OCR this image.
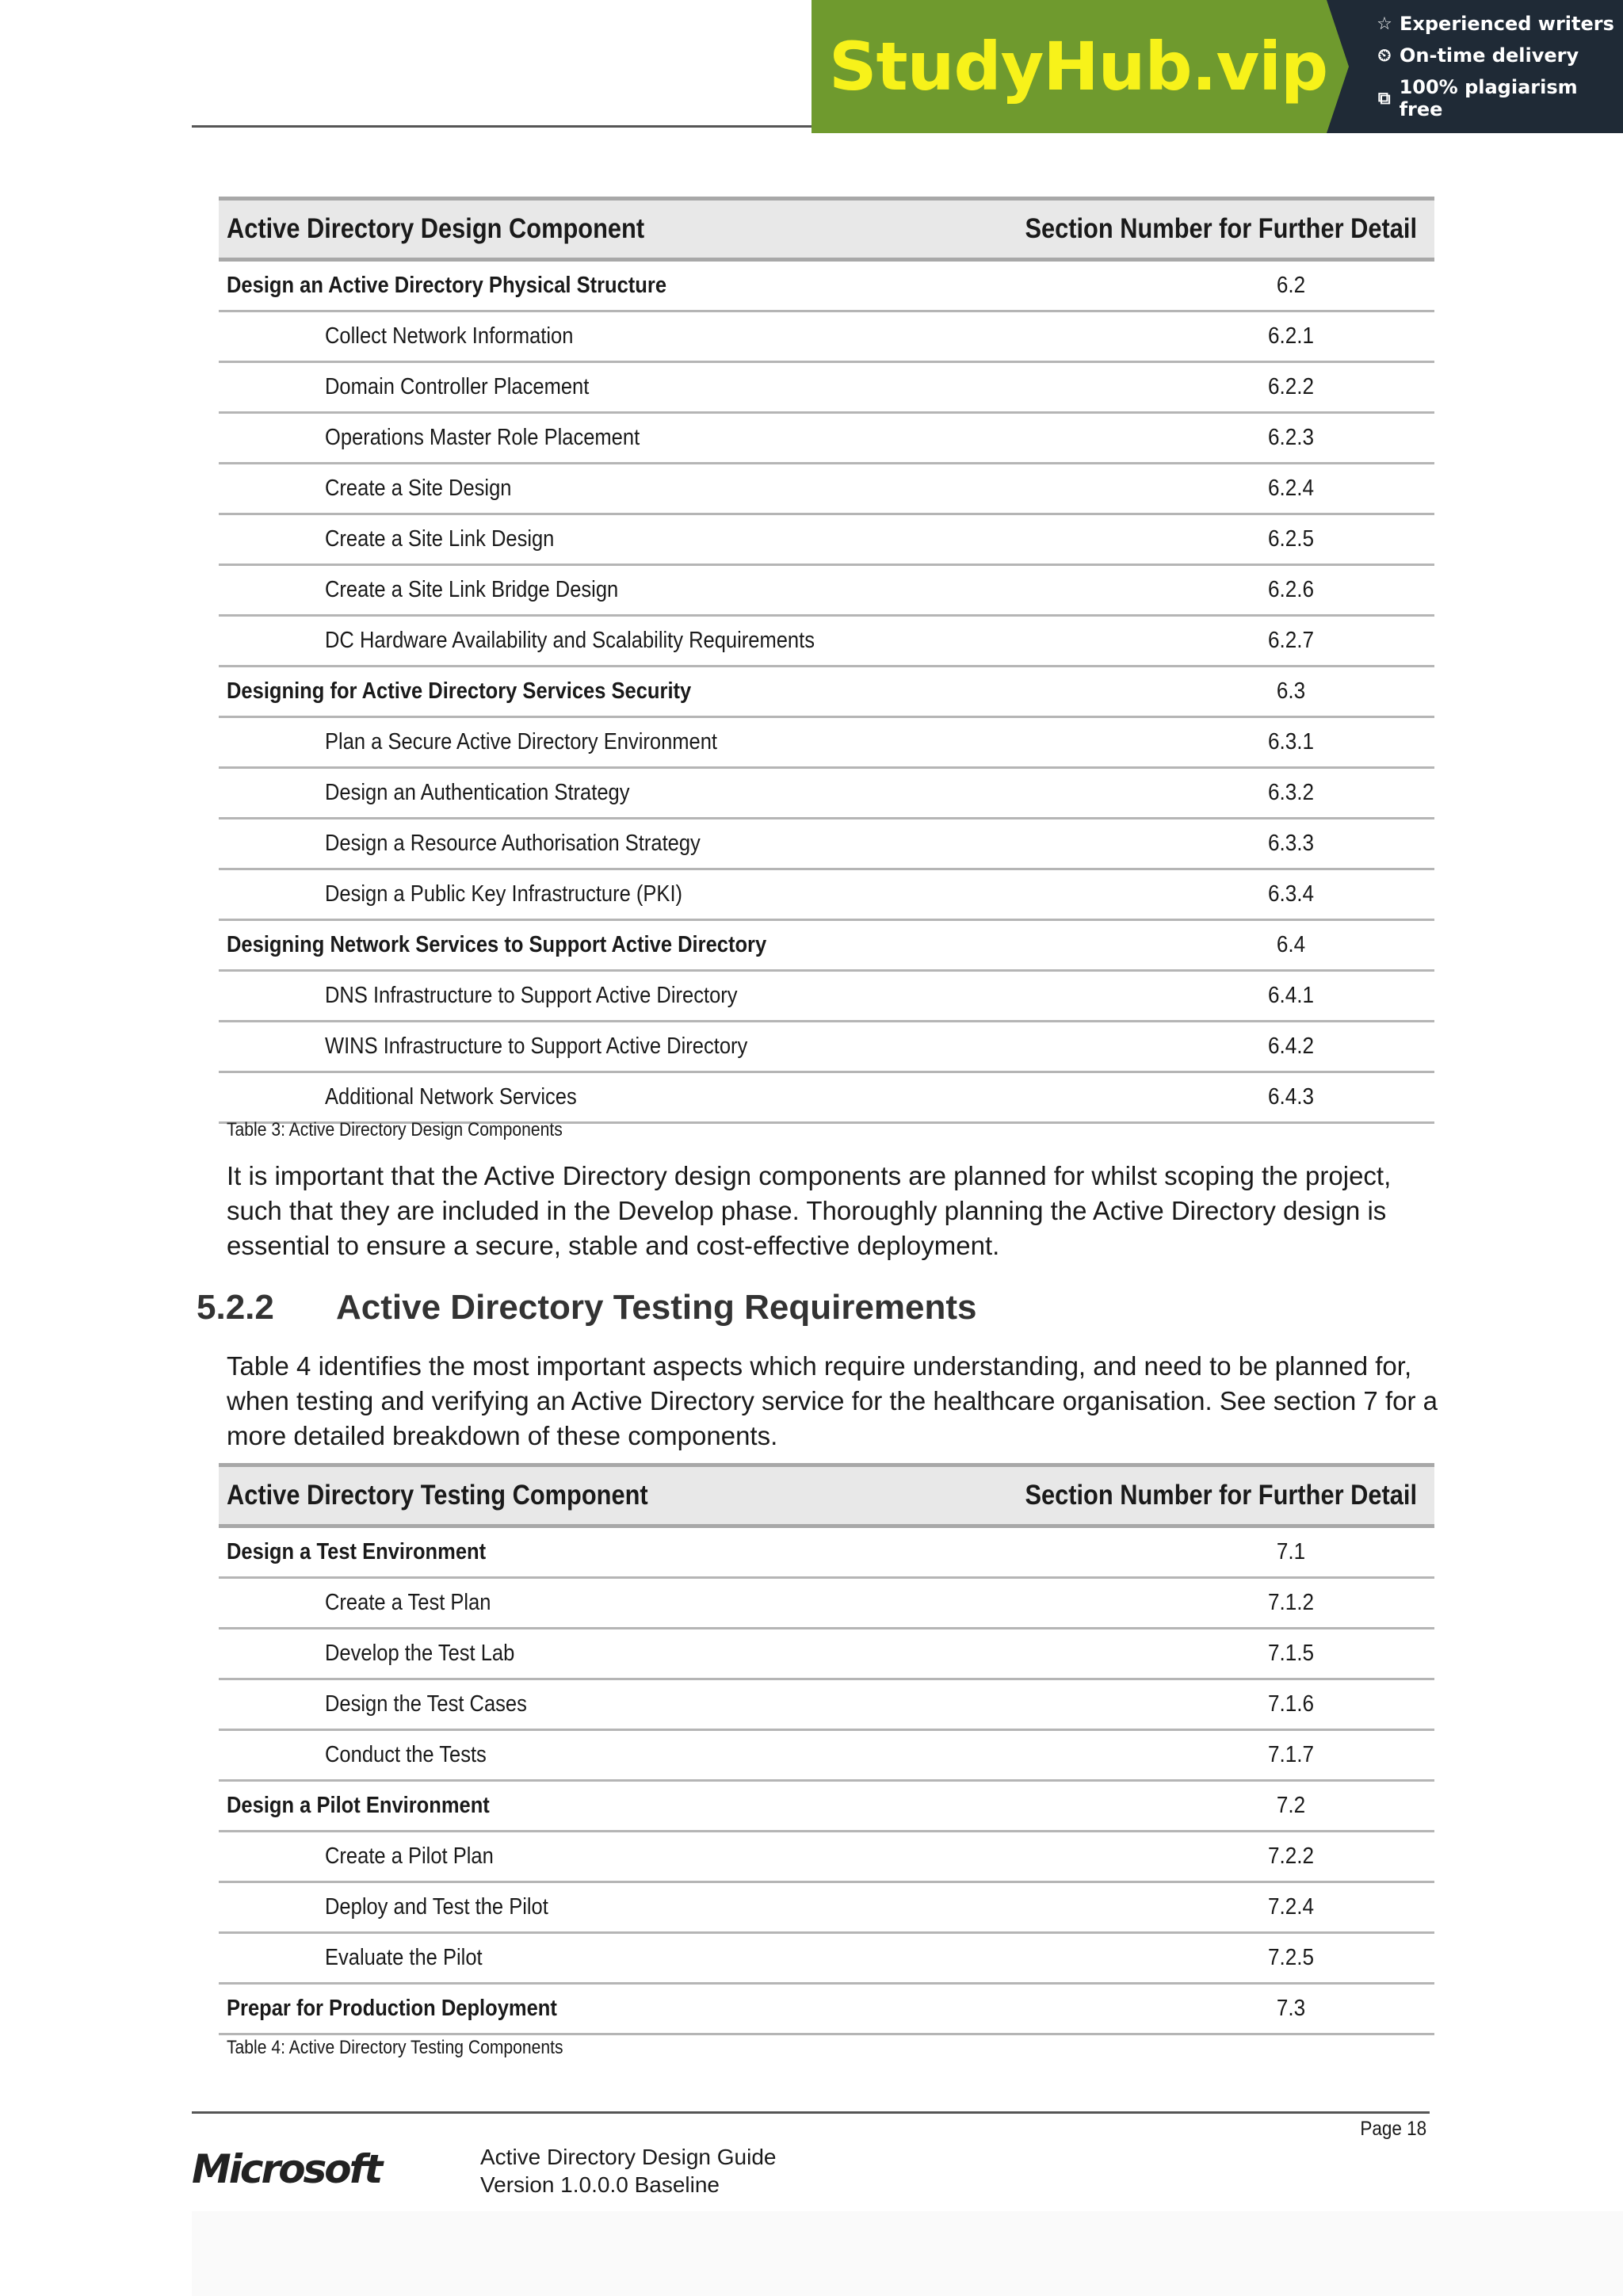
StudyHub.vip
☆ Experienced writers
⏲ On-time delivery
⧉ 100% plagiarism free
Active Directory Design Component	Section Number for Further Detail
Design an Active Directory Physical Structure	6.2
Collect Network Information	6.2.1
Domain Controller Placement	6.2.2
Operations Master Role Placement	6.2.3
Create a Site Design	6.2.4
Create a Site Link Design	6.2.5
Create a Site Link Bridge Design	6.2.6
DC Hardware Availability and Scalability Requirements	6.2.7
Designing for Active Directory Services Security	6.3
Plan a Secure Active Directory Environment	6.3.1
Design an Authentication Strategy	6.3.2
Design a Resource Authorisation Strategy	6.3.3
Design a Public Key Infrastructure (PKI)	6.3.4
Designing Network Services to Support Active Directory	6.4
DNS Infrastructure to Support Active Directory	6.4.1
WINS Infrastructure to Support Active Directory	6.4.2
Additional Network Services	6.4.3
Table 3: Active Directory Design Components
It is important that the Active Directory design components are planned for whilst scoping the project, such that they are included in the Develop phase. Thoroughly planning the Active Directory design is essential to ensure a secure, stable and cost-effective deployment.
5.2.2 Active Directory Testing Requirements
Table 4 identifies the most important aspects which require understanding, and need to be planned for, when testing and verifying an Active Directory service for the healthcare organisation. See section 7 for a more detailed breakdown of these components.
Active Directory Testing Component	Section Number for Further Detail
Design a Test Environment	7.1
Create a Test Plan	7.1.2
Develop the Test Lab	7.1.5
Design the Test Cases	7.1.6
Conduct the Tests	7.1.7
Design a Pilot Environment	7.2
Create a Pilot Plan	7.2.2
Deploy and Test the Pilot	7.2.4
Evaluate the Pilot	7.2.5
Prepar for Production Deployment	7.3
Table 4: Active Directory Testing Components
Page 18
Microsoft	Active Directory Design Guide
Version 1.0.0.0 Baseline
